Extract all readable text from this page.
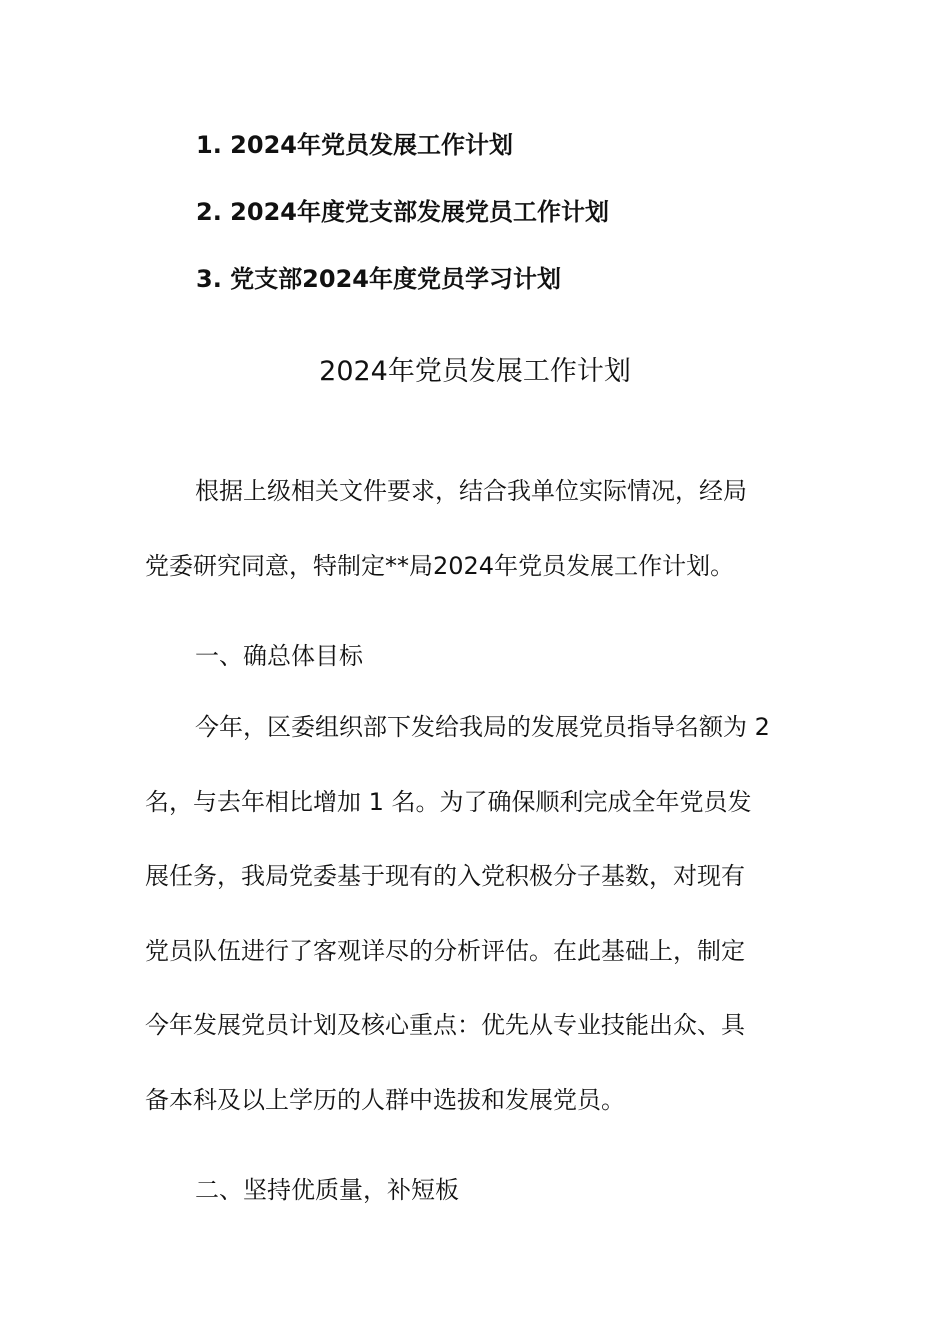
1. 2024年党员发展工作计划
2. 2024年度党支部发展党员工作计划
3. 党支部2024年度党员学习计划
2024年党员发展工作计划
根据上级相关文件要求，结合我单位实际情况，经局
党委研究同意，特制定**局2024年党员发展工作计划。
一、确总体目标
今年，区委组织部下发给我局的发展党员指导名额为 2
名，与去年相比增加 1 名。为了确保顺利完成全年党员发
展任务，我局党委基于现有的入党积极分子基数，对现有
党员队伍进行了客观详尽的分析评估。在此基础上，制定
今年发展党员计划及核心重点：优先从专业技能出众、具
备本科及以上学历的人群中选拔和发展党员。
二、坚持优质量，补短板
